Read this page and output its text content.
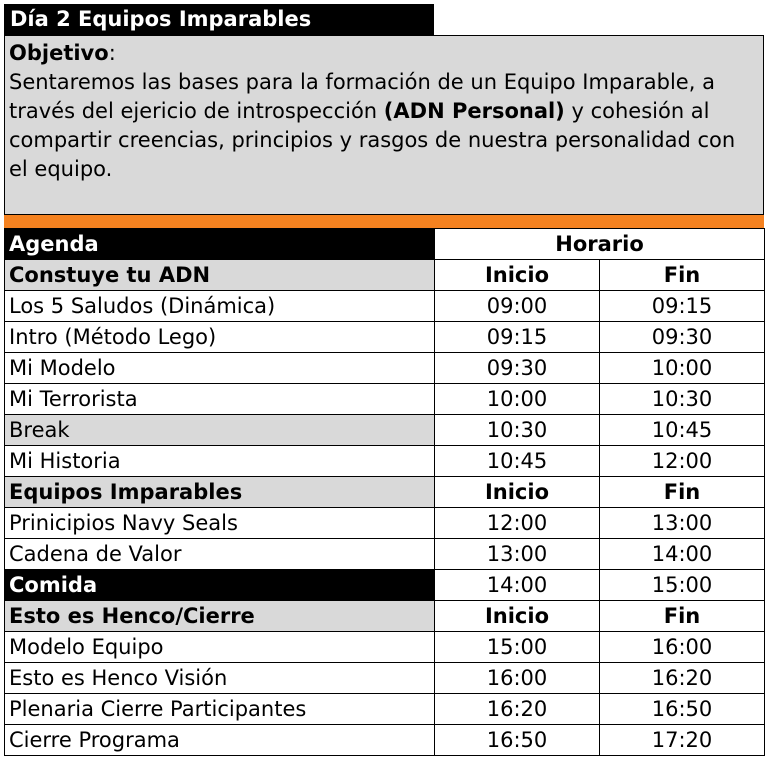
Día 2 Equipos Imparables
Objetivo:
Sentaremos las bases para la formación de un Equipo Imparable, a través del ejericio de introspección (ADN Personal) y cohesión al compartir creencias, principios y rasgos de nuestra personalidad con el equipo.
Agenda	Horario	
Constuye tu ADN	Inicio	Fin
Los 5 Saludos (Dinámica)	09:00	09:15
Intro (Método Lego)	09:15	09:30
Mi Modelo	09:30	10:00
Mi Terrorista	10:00	10:30
Break	10:30	10:45
Mi Historia	10:45	12:00
Equipos Imparables	Inicio	Fin
Prinicipios Navy Seals	12:00	13:00
Cadena de Valor	13:00	14:00
Comida	14:00	15:00
Esto es Henco/Cierre	Inicio	Fin
Modelo Equipo	15:00	16:00
Esto es Henco Visión	16:00	16:20
Plenaria Cierre Participantes	16:20	16:50
Cierre Programa	16:50	17:20
